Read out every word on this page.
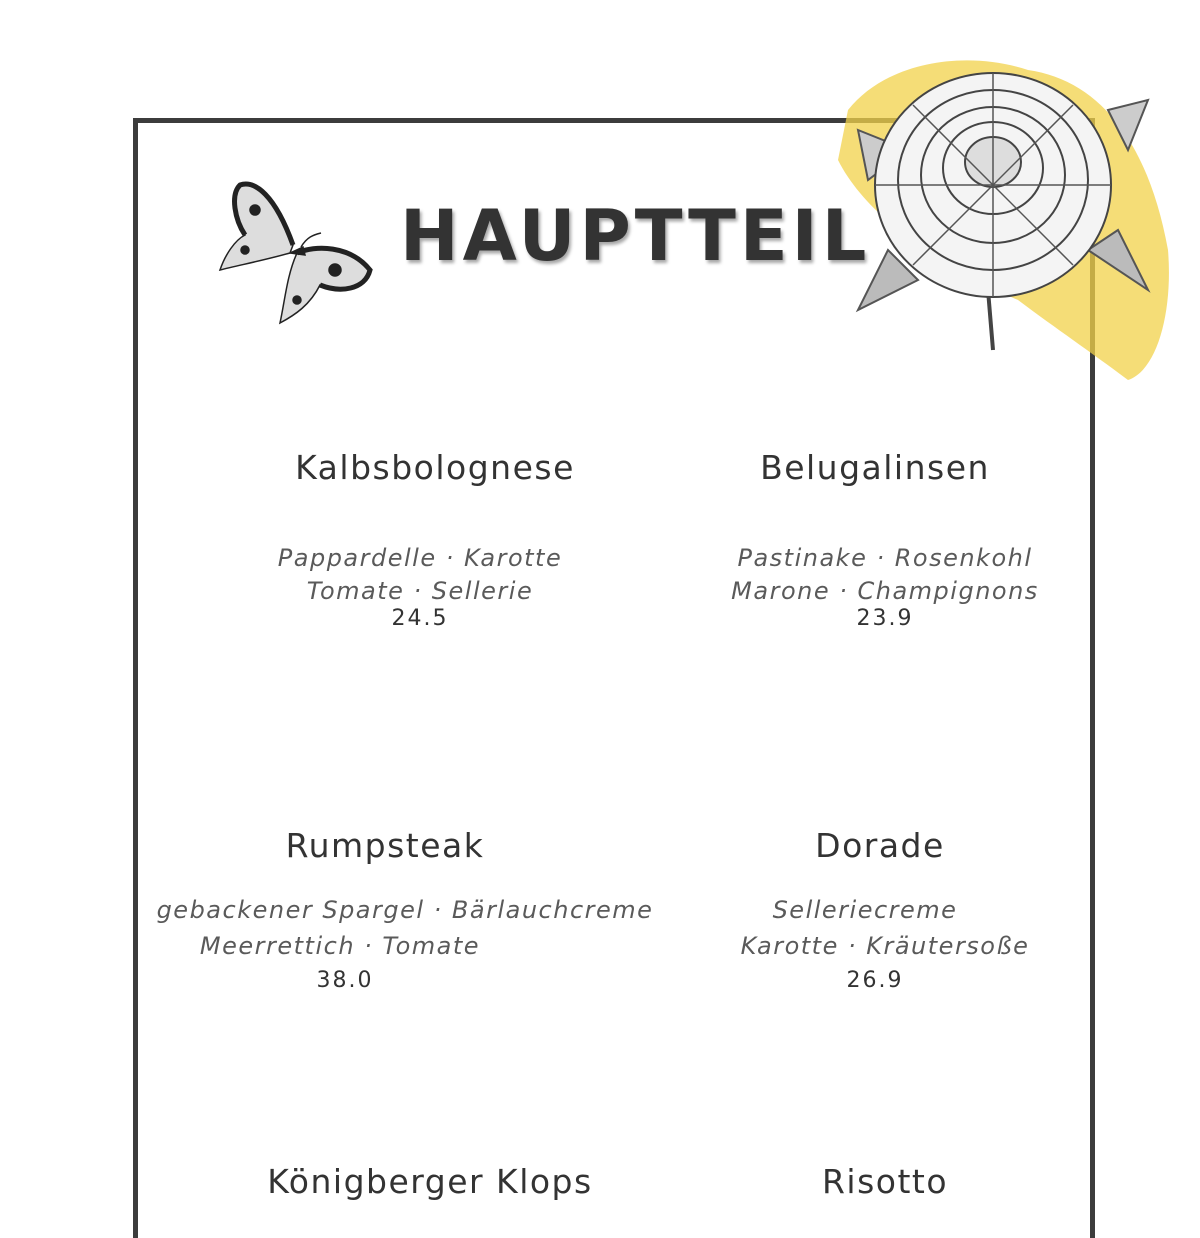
HAUPTTEIL
Kalbsbolognese
Pappardelle · Karotte
Tomate · Sellerie
24.5
Belugalinsen
Pastinake · Rosenkohl
Marone · Champignons
23.9
Rumpsteak
gebackener Spargel · Bärlauchcreme
Meerrettich · Tomate
38.0
Dorade
Selleriecreme
Karotte · Kräutersoße
26.9
Königberger Klops	Risotto
